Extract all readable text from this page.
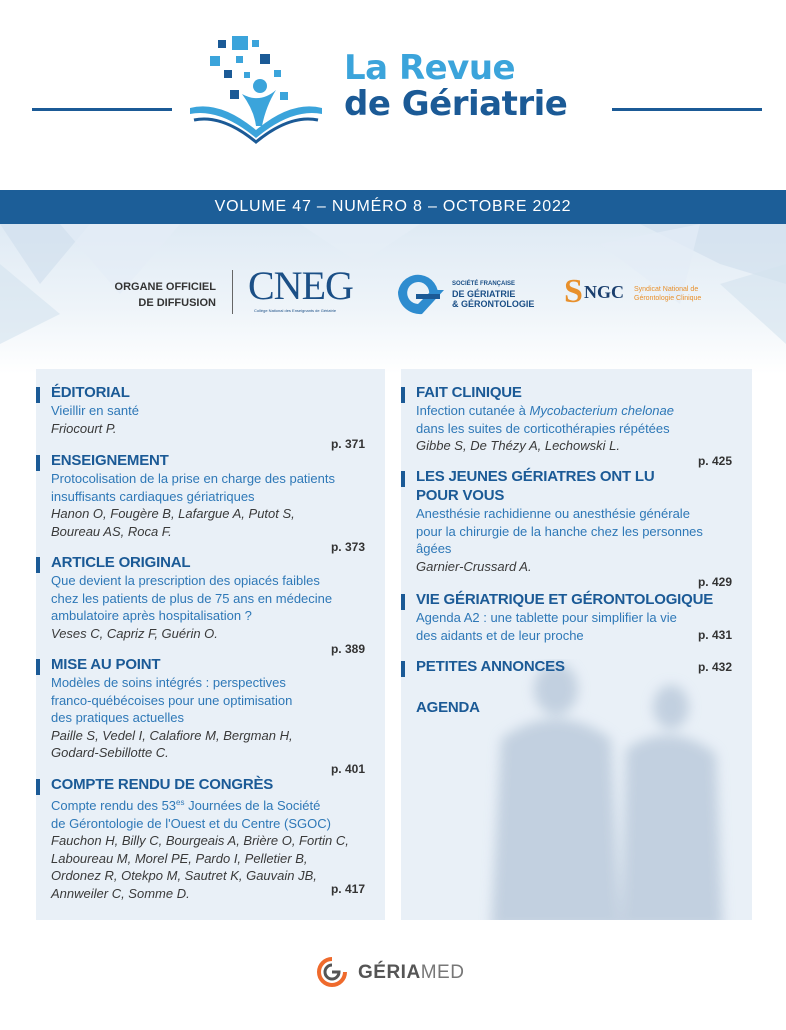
La Revue
de Gériatrie
VOLUME 47 – NUMÉRO 8 – OCTOBRE 2022
ORGANE OFFICIEL
DE DIFFUSION CNEG
Collège National des Enseignants de Gériatrie
SOCIÉTÉ FRANÇAISE
DE GÉRIATRIE
& GÉRONTOLOGIE S NGC Syndicat National de
Gérontologie Clinique
ÉDITORIAL
Vieillir en santé
Friocourt P.
p. 371
ENSEIGNEMENT
Protocolisation de la prise en charge des patients
insuffisants cardiaques gériatriques
Hanon O, Fougère B, Lafargue A, Putot S,
Boureau AS, Roca F.
p. 373
ARTICLE ORIGINAL
Que devient la prescription des opiacés faibles
chez les patients de plus de 75 ans en médecine
ambulatoire après hospitalisation ?
Veses C, Capriz F, Guérin O.
p. 389
MISE AU POINT
Modèles de soins intégrés : perspectives
franco-québécoises pour une optimisation
des pratiques actuelles
Paille S, Vedel I, Calafiore M, Bergman H,
Godard-Sebillotte C.
p. 401
COMPTE RENDU DE CONGRÈS
Compte rendu des $53^{es}$ Journées de la Société
de Gérontologie de l'Ouest et du Centre (SGOC)
Fauchon H, Billy C, Bourgeais A, Brière O, Fortin C,
Laboureau M, Morel PE, Pardo I, Pelletier B,
Ordonez R, Otekpo M, Sautret K, Gauvain JB,
Annweiler C, Somme D.	p. 417
FAIT CLINIQUE
Infection cutanée à Mycobacterium chelonae
dans les suites de corticothérapies répétées
Gibbe S, De Thézy A, Lechowski L.
p. 425
LES JEUNES GÉRIATRES ONT LU
POUR VOUS
Anesthésie rachidienne ou anesthésie générale
pour la chirurgie de la hanche chez les personnes
âgées
Garnier-Crussard A.
p. 429
VIE GÉRIATRIQUE ET GÉRONTOLOGIQUE
Agenda A2 : une tablette pour simplifier la vie
des aidants et de leur proche	p. 431
PETITES ANNONCES	p. 432
AGENDA
GÉRIAMED
